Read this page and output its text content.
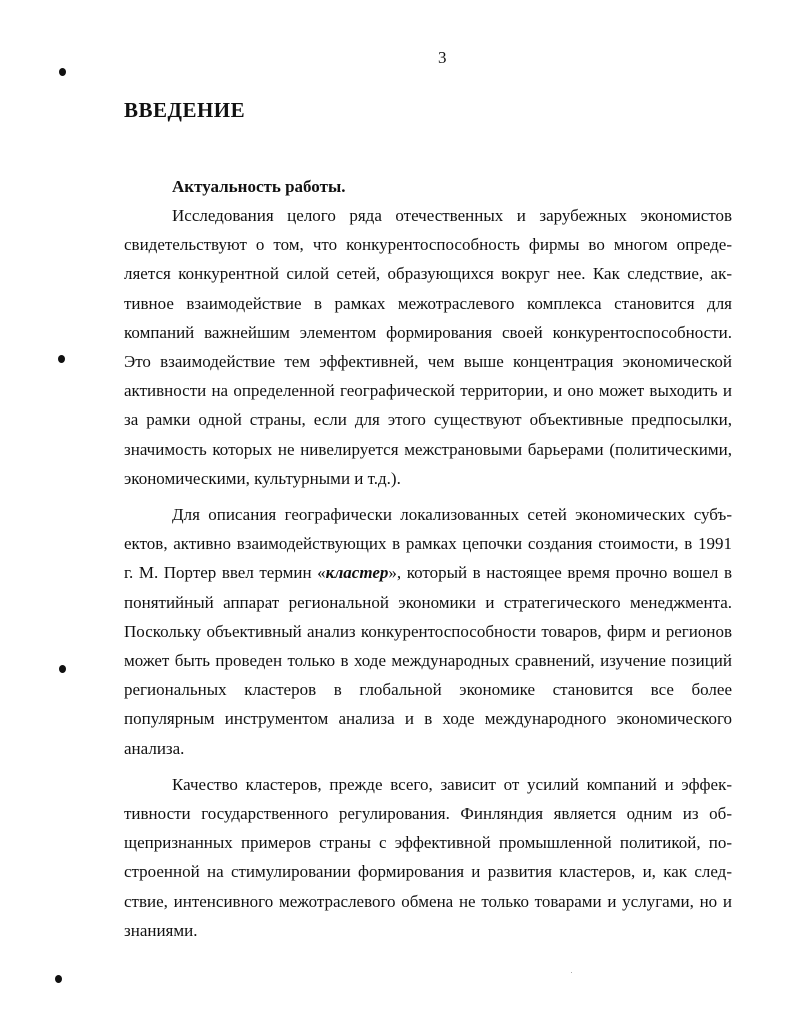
3
ВВЕДЕНИЕ

Актуальность работы.

Исследования целого ряда отечественных и зарубежных экономистов свидетельствуют о том, что конкурентоспособность фирмы во многом определяется конкурентной силой сетей, образующихся вокруг нее. Как следствие, активное взаимодействие в рамках межотраслевого комплекса становится для компаний важнейшим элементом формирования своей конкурентоспособности. Это взаимодействие тем эффективней, чем выше концентрация экономической активности на определенной географической территории, и оно может выходить и за рамки одной страны, если для этого существуют объективные предпосылки, значимость которых не нивелируется межстрановыми барьерами (политическими, экономическими, культурными и т.д.).

Для описания географически локализованных сетей экономических субъектов, активно взаимодействующих в рамках цепочки создания стоимости, в 1991 г. М. Портер ввел термин «кластер», который в настоящее время прочно вошел в понятийный аппарат региональной экономики и стратегического менеджмента. Поскольку объективный анализ конкурентоспособности товаров, фирм и регионов может быть проведен только в ходе международных сравнений, изучение позиций региональных кластеров в глобальной экономике становится все более популярным инструментом анализа и в ходе международного экономического анализа.

Качество кластеров, прежде всего, зависит от усилий компаний и эффективности государственного регулирования. Финляндия является одним из общепризнанных примеров страны с эффективной промышленной политикой, построенной на стимулировании формирования и развития кластеров, и, как следствие, интенсивного межотраслевого обмена не только товарами и услугами, но и знаниями.
